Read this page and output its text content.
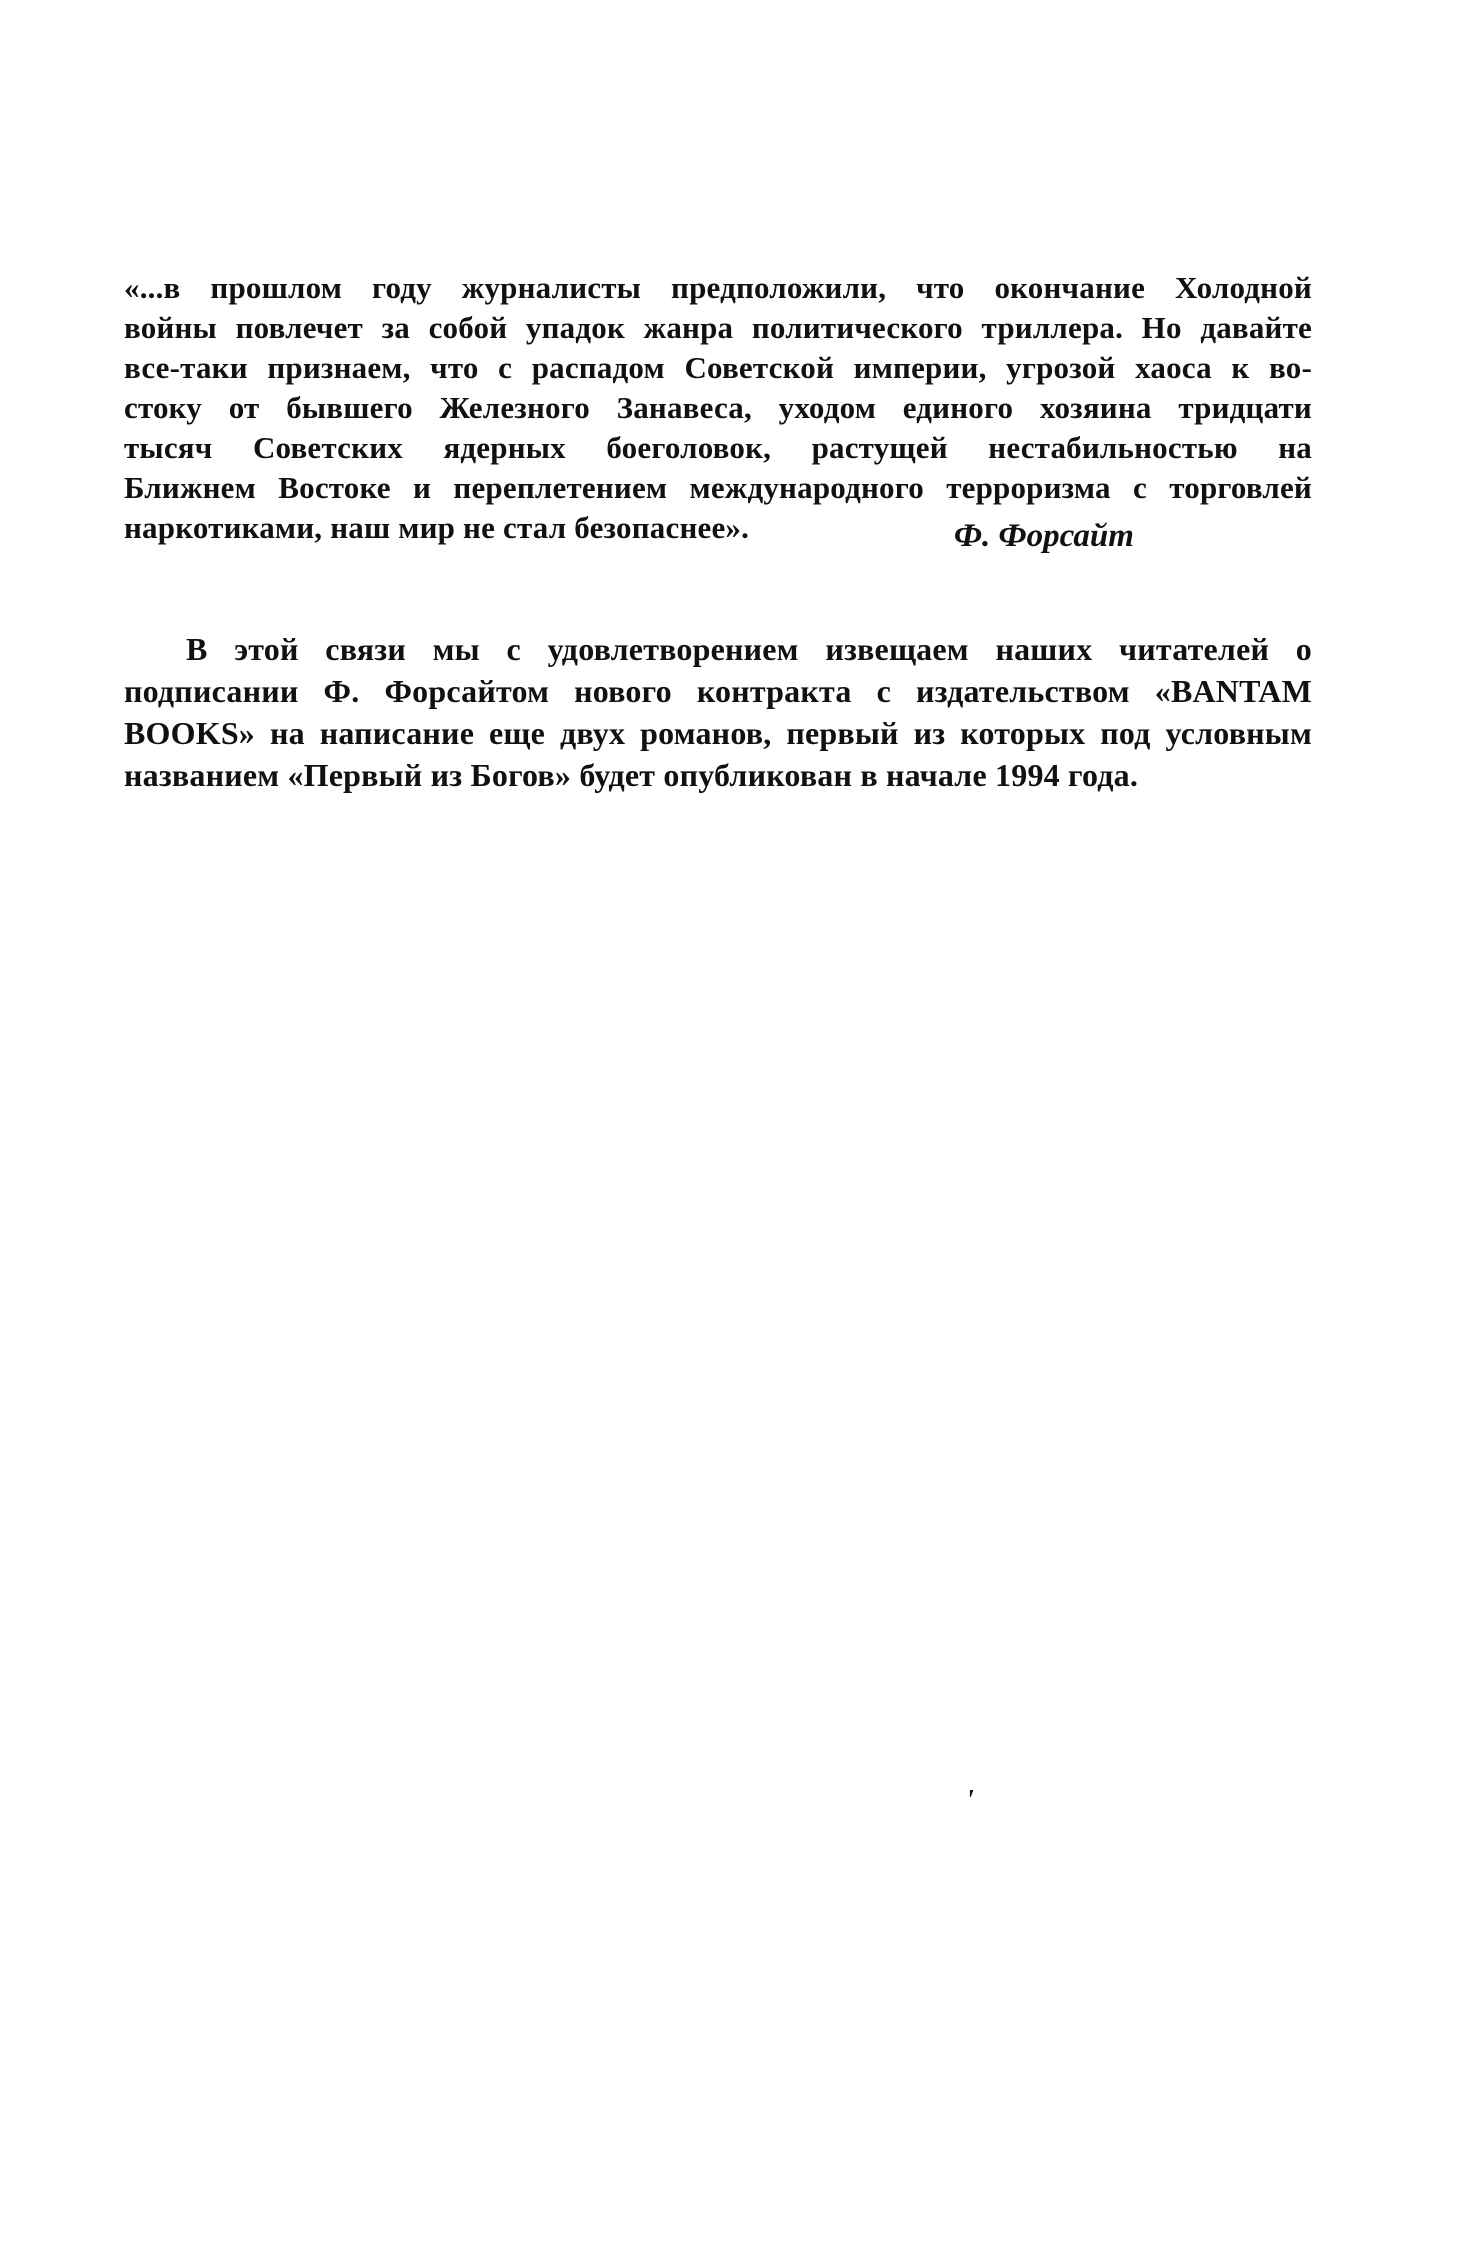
«...в прошлом году журналисты предположили, что окончание Холодной
войны повлечет за собой упадок жанра политического триллера. Но давайте
все-таки признаем, что с распадом Советской империи, угрозой хаоса к во-
стоку от бывшего Железного Занавеса, уходом единого хозяина тридцати
тысяч Советских ядерных боеголовок, растущей нестабильностью на
Ближнем Востоке и переплетением международного терроризма с торговлей
наркотиками, наш мир не стал безопаснее».	Ф. Форсайт
В этой связи мы с удовлетворением извещаем наших читателей о
подписании Ф. Форсайтом нового контракта с издательством «BANTAM
BOOKS» на написание еще двух романов, первый из которых под условным
названием «Первый из Богов» будет опубликован в начале 1994 года.
'
